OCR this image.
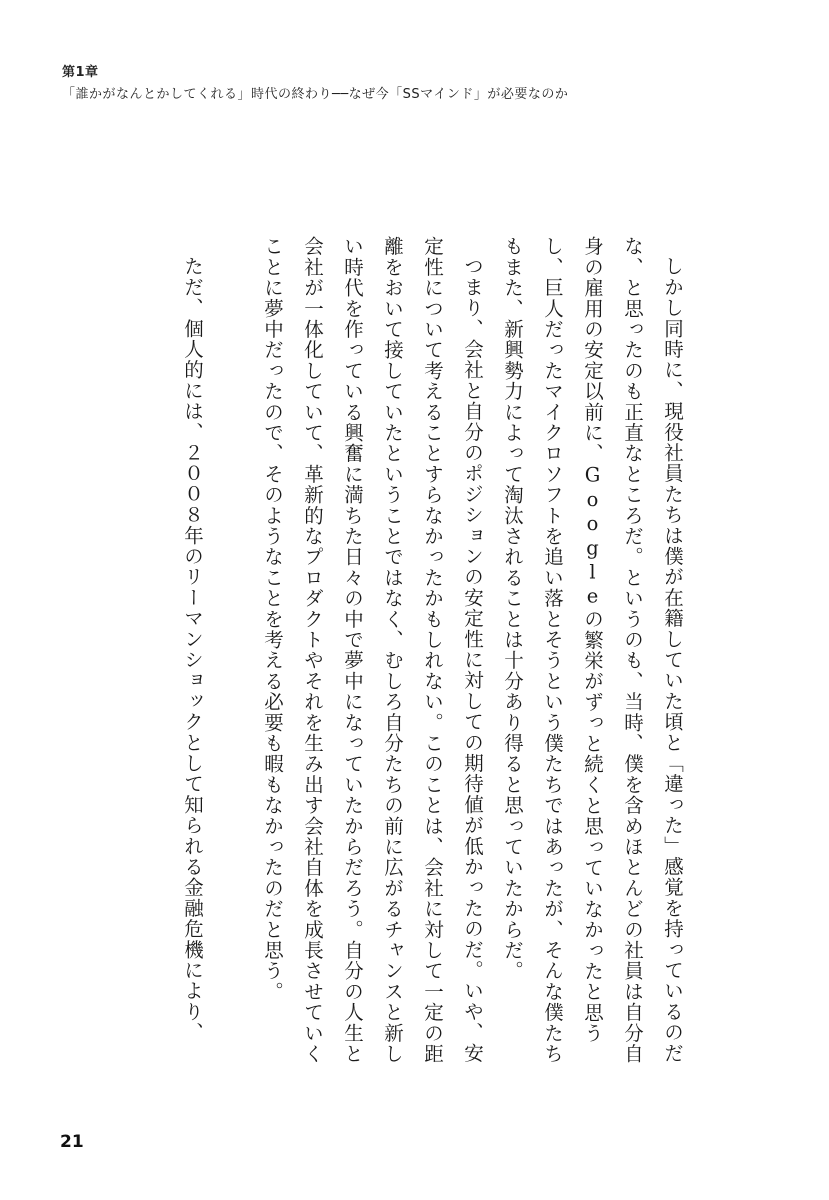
第1章
「誰かがなんとかしてくれる」時代の終わり──なぜ今「SSマインド」が必要なのか

しかし同時に、現役社員たちは僕が在籍していた頃と「違った」感覚を持っているのだな、と思ったのも正直なところだ。というのも、当時、僕を含めほとんどの社員は自分自身の雇用の安定以前に、Googleの繁栄がずっと続くと思っていなかったと思うし、巨人だったマイクロソフトを追い落とそうという僕たちではあったが、そんな僕たちもまた、新興勢力によって淘汰されることは十分あり得ると思っていたからだ。

つまり、会社と自分のポジションの安定性に対しての期待値が低かったのだ。いや、安定性について考えることすらなかったかもしれない。このことは、会社に対して一定の距離をおいて接していたということではなく、むしろ自分たちの前に広がるチャンスと新しい時代を作っている興奮に満ちた日々の中で夢中になっていたからだろう。自分の人生と会社が一体化していて、革新的なプロダクトやそれを生み出す会社自体を成長させていくことに夢中だったので、そのようなことを考える必要も暇もなかったのだと思う。

ただ、個人的には、２００８年のリーマンショックとして知られる金融危機により、

21
